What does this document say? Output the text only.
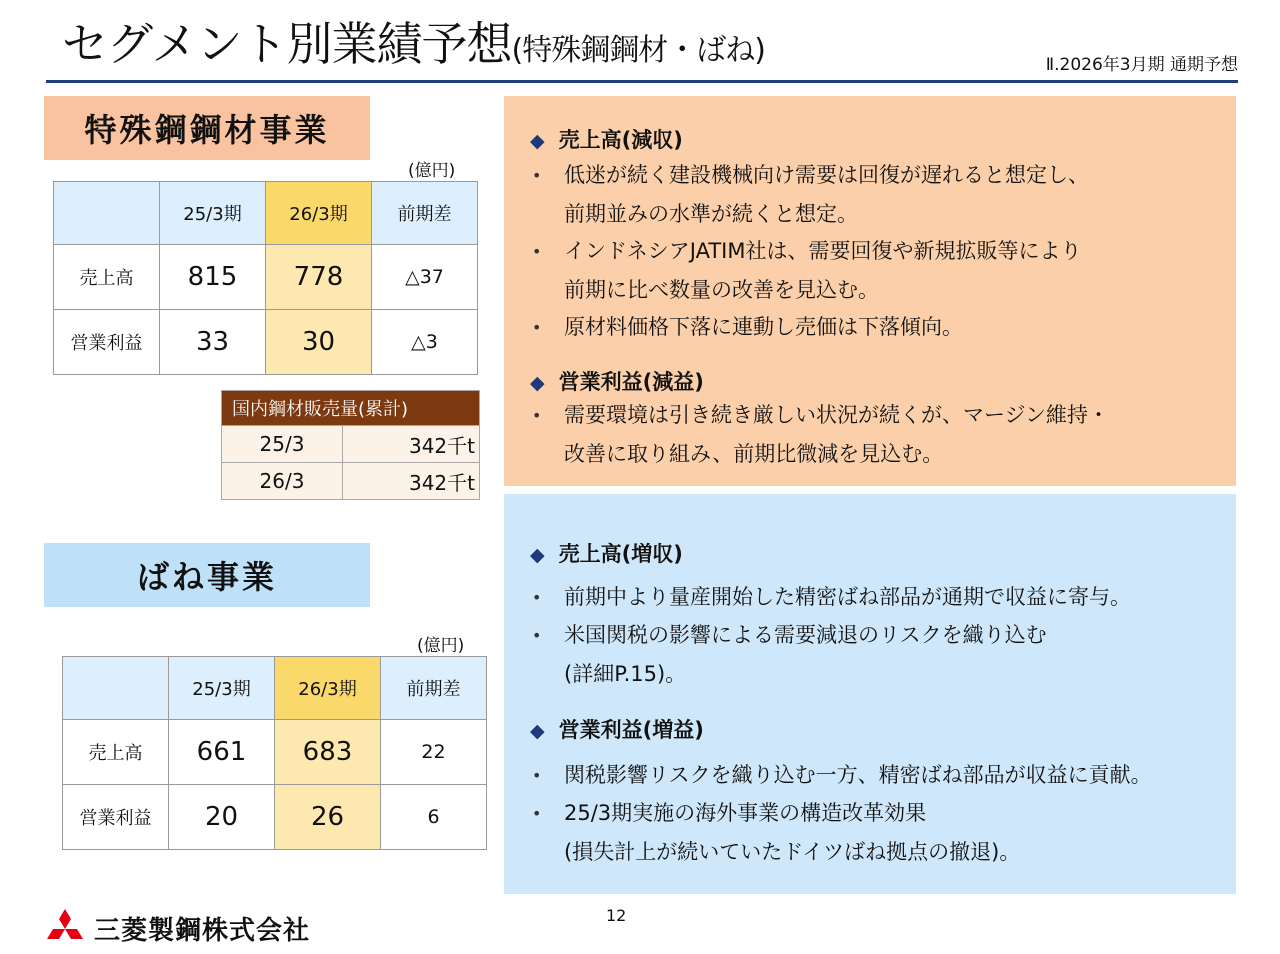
セグメント別業績予想(特殊鋼鋼材・ばね)	Ⅱ.2026年3月期 通期予想
特殊鋼鋼材事業
(億円)
	25/3期	26/3期	前期差
売上高	815	778	△37
営業利益	33	30	△3
国内鋼材販売量(累計)	
25/3	342千t
26/3	342千t
◆ 売上高(減収)
• 低迷が続く建設機械向け需要は回復が遅れると想定し、
前期並みの水準が続くと想定。
• インドネシアJATIM社は、需要回復や新規拡販等により
前期に比べ数量の改善を見込む。
• 原材料価格下落に連動し売価は下落傾向。
◆ 営業利益(減益)
• 需要環境は引き続き厳しい状況が続くが、マージン維持・
改善に取り組み、前期比微減を見込む。
ばね事業
(億円)
	25/3期	26/3期	前期差
売上高	661	683	22
営業利益	20	26	6
◆ 売上高(増収)
• 前期中より量産開始した精密ばね部品が通期で収益に寄与。
• 米国関税の影響による需要減退のリスクを織り込む
(詳細P.15)。
◆ 営業利益(増益)
• 関税影響リスクを織り込む一方、精密ばね部品が収益に貢献。
• 25/3期実施の海外事業の構造改革効果
(損失計上が続いていたドイツばね拠点の撤退)。
12
三菱製鋼株式会社
